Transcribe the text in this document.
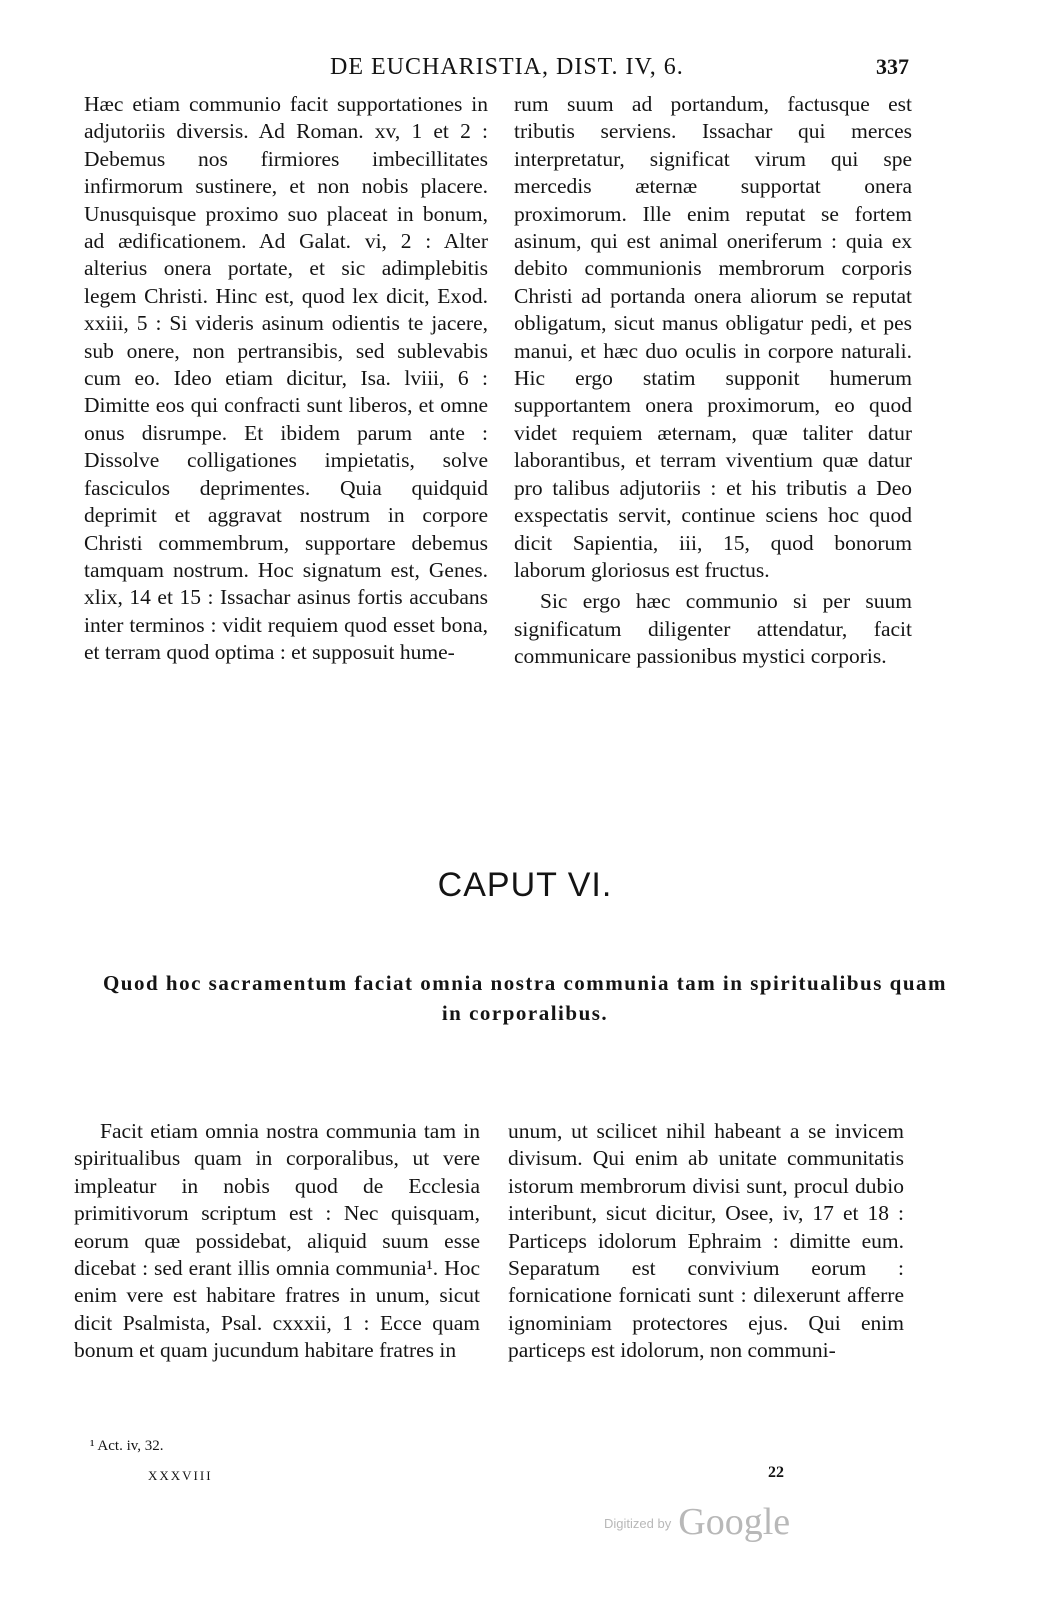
DE EUCHARISTIA, DIST. IV, 6.	337

Hæc etiam communio facit supportationes in adjutoriis diversis. Ad Roman. xv, 1 et 2 : Debemus nos firmiores imbecillitates infirmorum sustinere, et non nobis placere. Unusquisque proximo suo placeat in bonum, ad ædificationem. Ad Galat. vi, 2 : Alter alterius onera portate, et sic adimplebitis legem Christi. Hinc est, quod lex dicit, Exod. xxiii, 5 : Si videris asinum odientis te jacere, sub onere, non pertransibis, sed sublevabis cum eo. Ideo etiam dicitur, Isa. lviii, 6 : Dimitte eos qui confracti sunt liberos, et omne onus disrumpe. Et ibidem parum ante : Dissolve colligationes impietatis, solve fasciculos deprimentes. Quia quidquid deprimit et aggravat nostrum in corpore Christi commembrum, supportare debemus tamquam nostrum. Hoc signatum est, Genes. xlix, 14 et 15 : Issachar asinus fortis accubans inter terminos : vidit requiem quod esset bona, et terram quod optima : et supposuit hume-

rum suum ad portandum, factusque est tributis serviens. Issachar qui merces interpretatur, significat virum qui spe mercedis æternæ supportat onera proximorum. Ille enim reputat se fortem asinum, qui est animal oneriferum : quia ex debito communionis membrorum corporis Christi ad portanda onera aliorum se reputat obligatum, sicut manus obligatur pedi, et pes manui, et hæc duo oculis in corpore naturali. Hic ergo statim supponit humerum supportantem onera proximorum, eo quod videt requiem æternam, quæ taliter datur laborantibus, et terram viventium quæ datur pro talibus adjutoriis : et his tributis a Deo exspectatis servit, continue sciens hoc quod dicit Sapientia, iii, 15, quod bonorum laborum gloriosus est fructus.

Sic ergo hæc communio si per suum significatum diligenter attendatur, facit communicare passionibus mystici corporis.

CAPUT VI.
Quod hoc sacramentum faciat omnia nostra communia tam in spiritualibus quam in corporalibus.

Facit etiam omnia nostra communia tam in spiritualibus quam in corporalibus, ut vere impleatur in nobis quod de Ecclesia primitivorum scriptum est : Nec quisquam, eorum quæ possidebat, aliquid suum esse dicebat : sed erant illis omnia communia¹. Hoc enim vere est habitare fratres in unum, sicut dicit Psalmista, Psal. cxxxii, 1 : Ecce quam bonum et quam jucundum habitare fratres in

unum, ut scilicet nihil habeant a se invicem divisum. Qui enim ab unitate communitatis istorum membrorum divisi sunt, procul dubio interibunt, sicut dicitur, Osee, iv, 17 et 18 : Particeps idolorum Ephraim : dimitte eum. Separatum est convivium eorum : fornicatione fornicati sunt : dilexerunt afferre ignominiam protectores ejus. Qui enim particeps est idolorum, non communi-

¹ Act. iv, 32.
XXXVIII	22
$^{Digitized by}$ Google
